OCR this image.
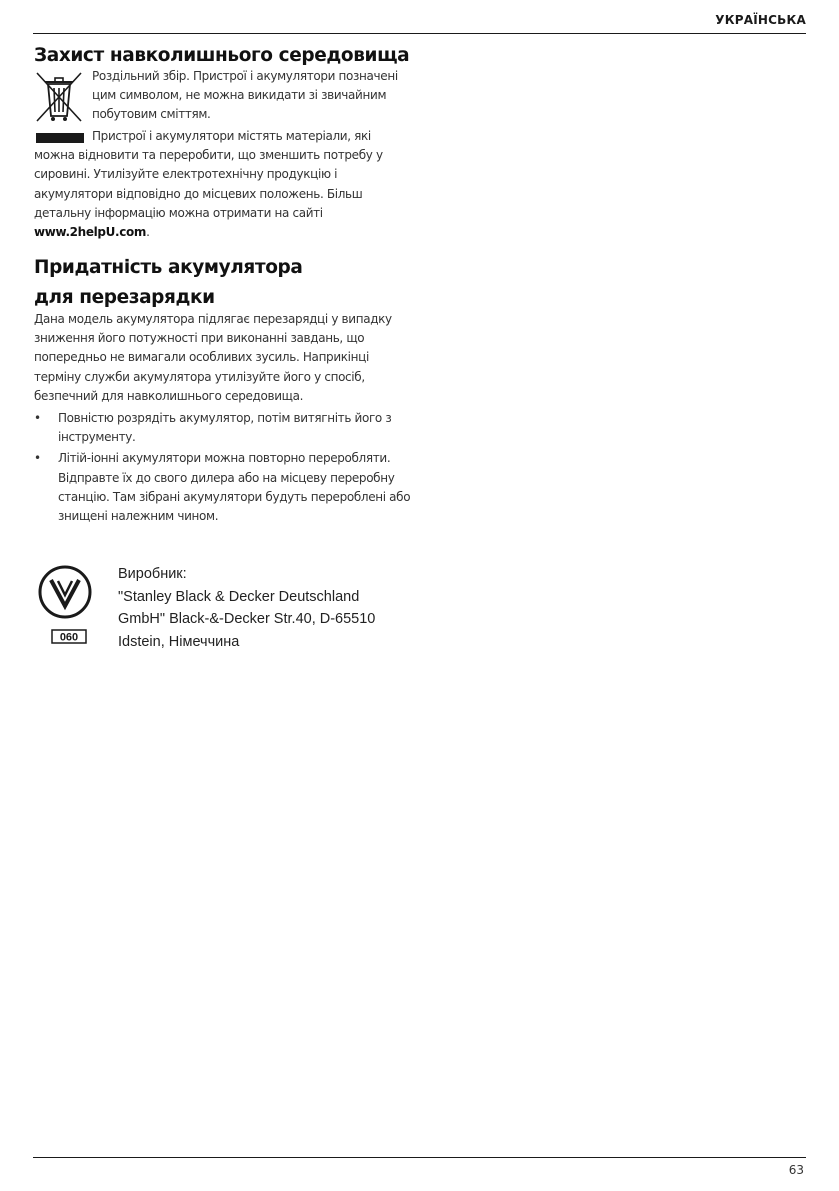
УКРАЇНСЬКА
Захист навколишнього середовища
Роздільний збір. Пристрої і акумулятори позначені цим символом, не можна викидати зі звичайним побутовим сміттям.
Пристрої і акумулятори містять матеріали, які можна відновити та переробити, що зменшить потребу у сировині. Утилізуйте електротехнічну продукцію і акумулятори відповідно до місцевих положень. Більш детальну інформацію можна отримати на сайті
www.2helpU.com.
Придатність акумулятора для перезарядки
Дана модель акумулятора підлягає перезарядці у випадку зниження його потужності при виконанні завдань, що попередньо не вимагали особливих зусиль. Наприкінці терміну служби акумулятора утилізуйте його у спосіб, безпечний для навколишнього середовища.
• Повністю розрядіть акумулятор, потім витягніть його з інструменту.
• Літій-іонні акумулятори можна повторно переробляти. Відправте їх до свого дилера або на місцеву переробну станцію. Там зібрані акумулятори будуть перероблені або знищені належним чином.
060
Виробник:
"Stanley Black & Decker Deutschland
GmbH" Black-&-Decker Str.40, D-65510
Idstein, Німеччина
63
